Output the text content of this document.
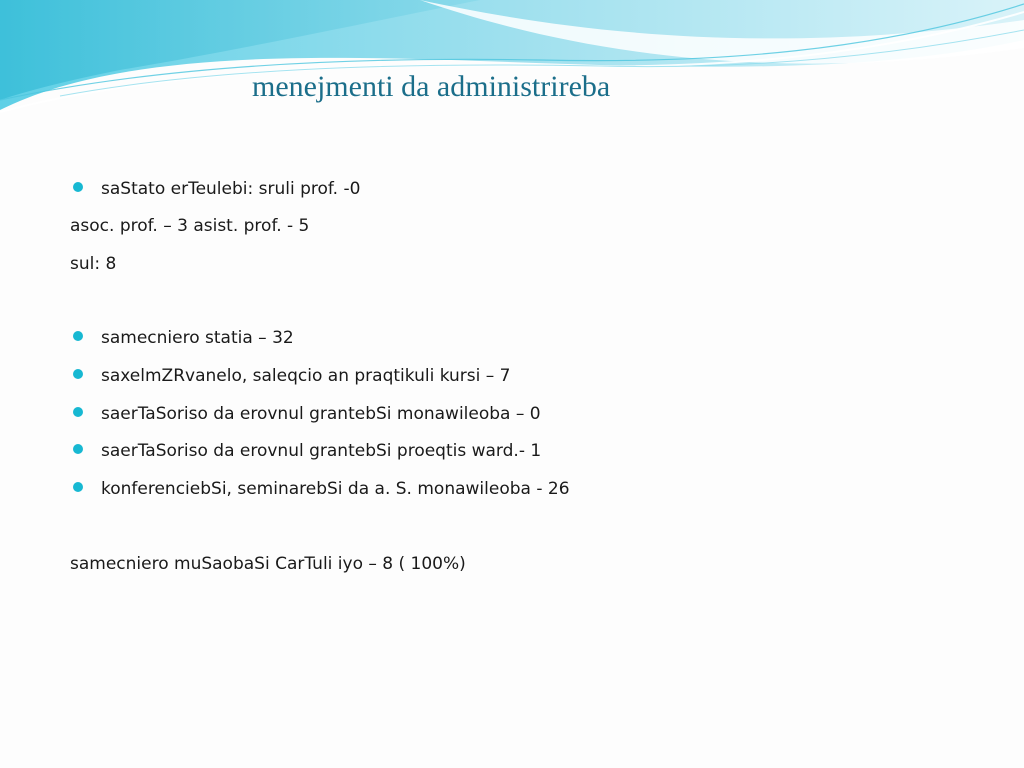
menejmenti da administrireba
saStato erTeulebi: sruli prof. -0
asoc. prof. – 3 asist. prof. - 5
sul: 8
samecniero statia – 32
saxelmZRvanelo, saleqcio an praqtikuli kursi – 7
saerTaSoriso da erovnul grantebSi monawileoba – 0
saerTaSoriso da erovnul grantebSi proeqtis ward.- 1
konferenciebSi, seminarebSi da a. S. monawileoba - 26
samecniero muSaobaSi CarTuli iyo – 8 ( 100%)
